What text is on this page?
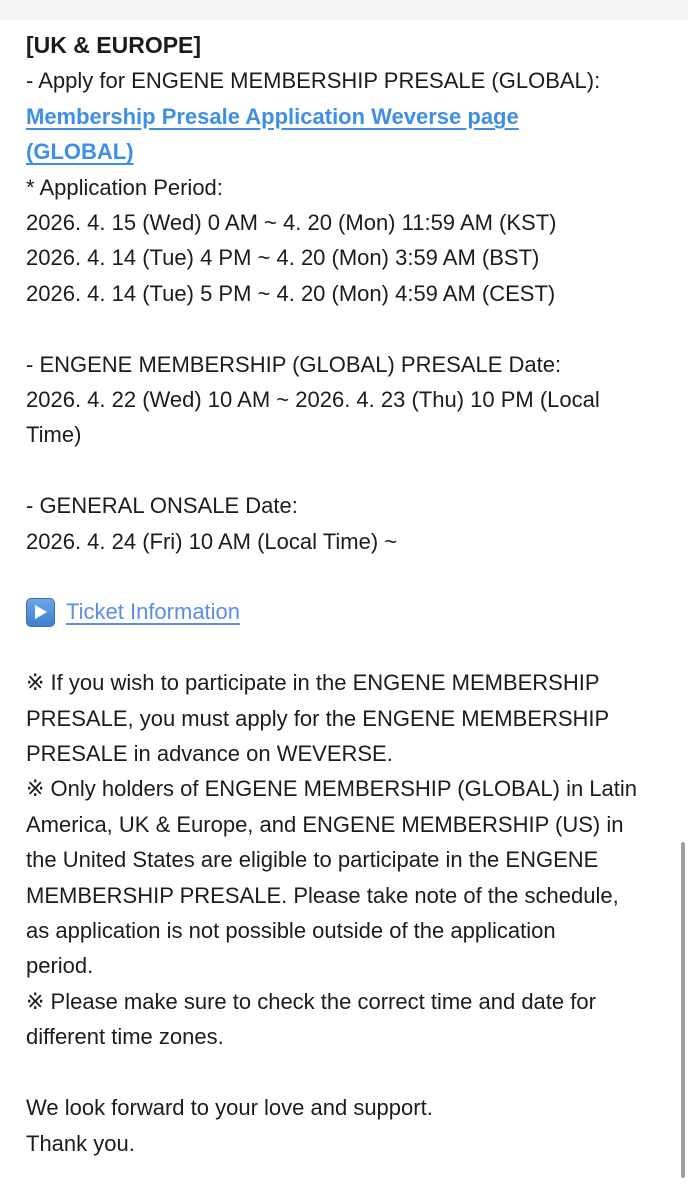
[UK & EUROPE]
- Apply for ENGENE MEMBERSHIP PRESALE (GLOBAL):
Membership Presale Application Weverse page
(GLOBAL)
* Application Period:
2026. 4. 15 (Wed) 0 AM ~ 4. 20 (Mon) 11:59 AM (KST)
2026. 4. 14 (Tue) 4 PM ~ 4. 20 (Mon) 3:59 AM (BST)
2026. 4. 14 (Tue) 5 PM ~ 4. 20 (Mon) 4:59 AM (CEST)
- ENGENE MEMBERSHIP (GLOBAL) PRESALE Date:
2026. 4. 22 (Wed) 10 AM ~ 2026. 4. 23 (Thu) 10 PM (Local
Time)
- GENERAL ONSALE Date:
2026. 4. 24 (Fri) 10 AM (Local Time) ~
Ticket Information
※ If you wish to participate in the ENGENE MEMBERSHIP
PRESALE, you must apply for the ENGENE MEMBERSHIP
PRESALE in advance on WEVERSE.
※ Only holders of ENGENE MEMBERSHIP (GLOBAL) in Latin
America, UK & Europe, and ENGENE MEMBERSHIP (US) in
the United States are eligible to participate in the ENGENE
MEMBERSHIP PRESALE. Please take note of the schedule,
as application is not possible outside of the application
period.
※ Please make sure to check the correct time and date for
different time zones.
We look forward to your love and support.
Thank you.
